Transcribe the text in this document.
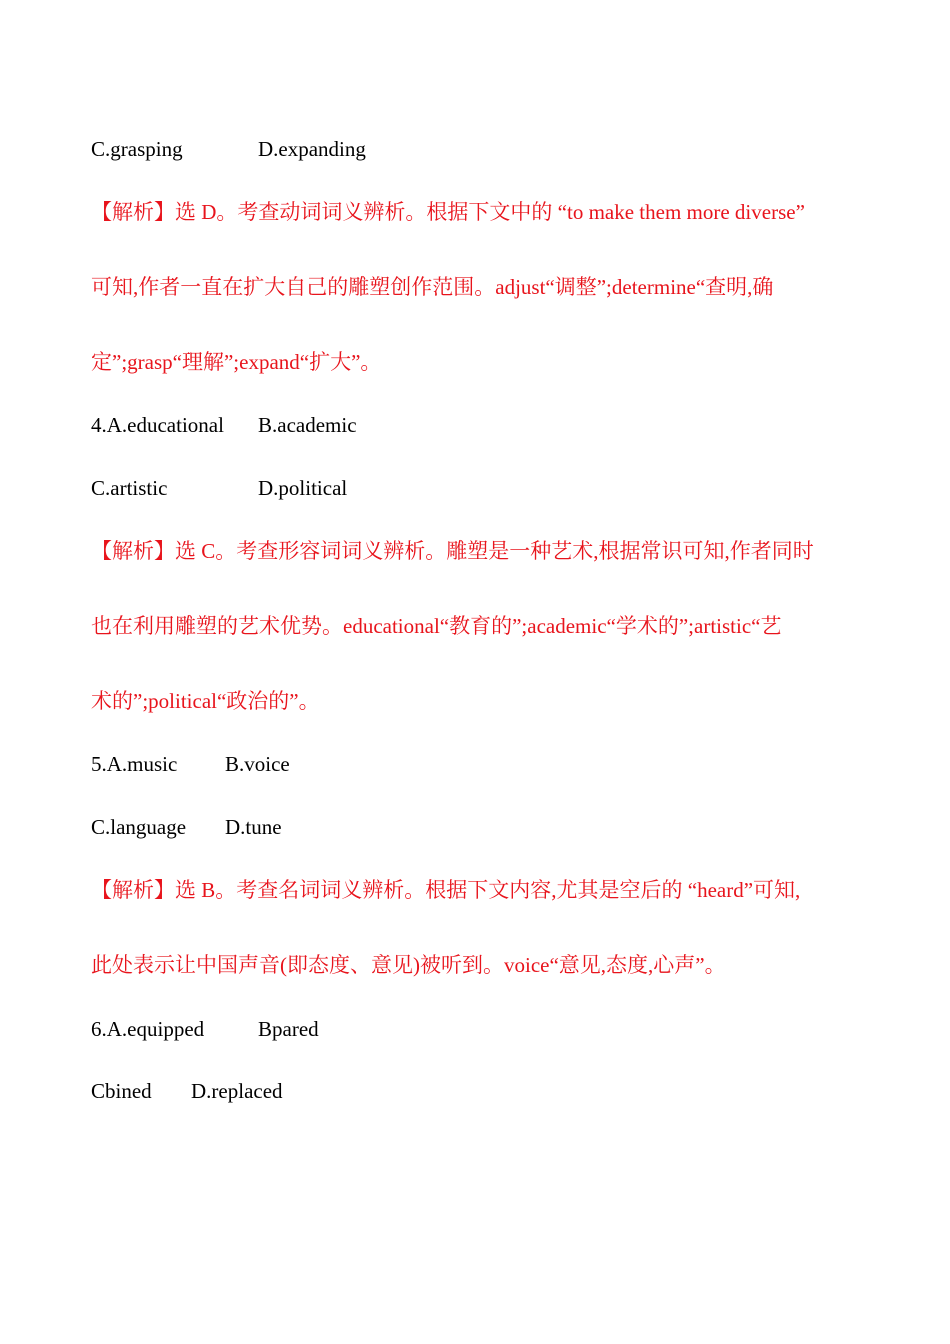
C.grasping	D.expanding
【解析】选 D。考查动词词义辨析。根据下文中的 “to make them more diverse”
可知,作者一直在扩大自己的雕塑创作范围。adjust“调整”;determine“查明,确
定”;grasp“理解”;expand“扩大”。
4.A.educational B.academic
C.artistic	D.political
【解析】选 C。考查形容词词义辨析。雕塑是一种艺术,根据常识可知,作者同时
也在利用雕塑的艺术优势。educational“教育的”;academic“学术的”;artistic“艺
术的”;political“政治的”。
5.A.music B.voice
C.language D.tune
【解析】选 B。考查名词词义辨析。根据下文内容,尤其是空后的 “heard”可知,
此处表示让中国声音(即态度、意见)被听到。voice“意见,态度,心声”。
6.A.equipped	Bpared
Cbined D.replaced
